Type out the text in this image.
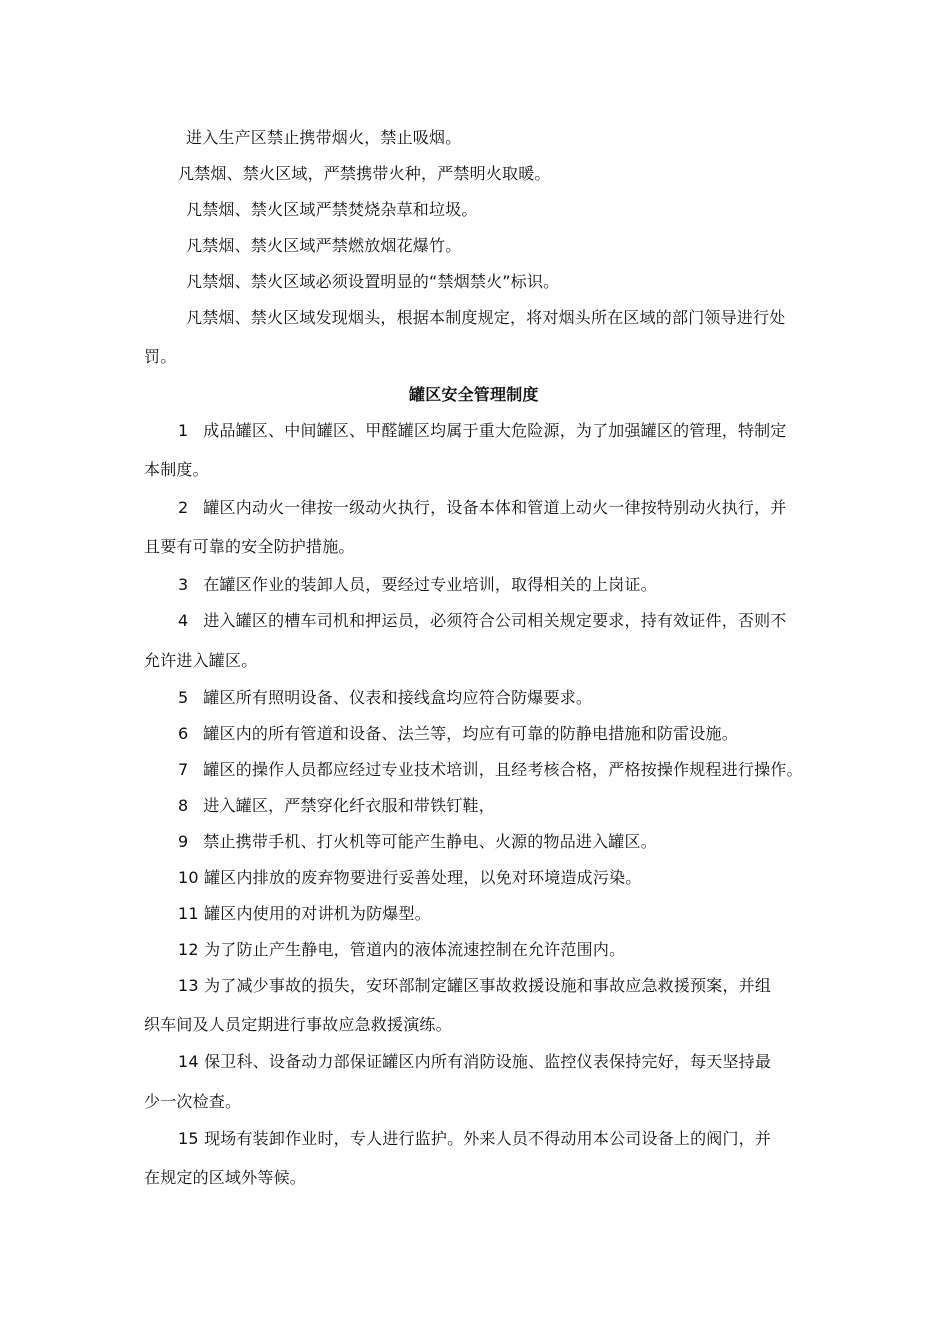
进入生产区禁止携带烟火，禁止吸烟。
凡禁烟、禁火区域，严禁携带火种，严禁明火取暖。
凡禁烟、禁火区域严禁焚烧杂草和垃圾。
凡禁烟、禁火区域严禁燃放烟花爆竹。
凡禁烟、禁火区域必须设置明显的“禁烟禁火”标识。
凡禁烟、禁火区域发现烟头，根据本制度规定，将对烟头所在区域的部门领导进行处
罚。
罐区安全管理制度
1 成品罐区、中间罐区、甲醛罐区均属于重大危险源，为了加强罐区的管理，特制定
本制度。
2 罐区内动火一律按一级动火执行，设备本体和管道上动火一律按特别动火执行，并
且要有可靠的安全防护措施。
3 在罐区作业的装卸人员，要经过专业培训，取得相关的上岗证。
4 进入罐区的槽车司机和押运员，必须符合公司相关规定要求，持有效证件，否则不
允许进入罐区。
5 罐区所有照明设备、仪表和接线盒均应符合防爆要求。
6 罐区内的所有管道和设备、法兰等，均应有可靠的防静电措施和防雷设施。
7 罐区的操作人员都应经过专业技术培训，且经考核合格，严格按操作规程进行操作。
8 进入罐区，严禁穿化纤衣服和带铁钉鞋，
9 禁止携带手机、打火机等可能产生静电、火源的物品进入罐区。
10 罐区内排放的废弃物要进行妥善处理，以免对环境造成污染。
11 罐区内使用的对讲机为防爆型。
12 为了防止产生静电，管道内的液体流速控制在允许范围内。
13 为了减少事故的损失，安环部制定罐区事故救援设施和事故应急救援预案，并组
织车间及人员定期进行事故应急救援演练。
14 保卫科、设备动力部保证罐区内所有消防设施、监控仪表保持完好，每天坚持最
少一次检查。
15 现场有装卸作业时，专人进行监护。外来人员不得动用本公司设备上的阀门，并
在规定的区域外等候。
